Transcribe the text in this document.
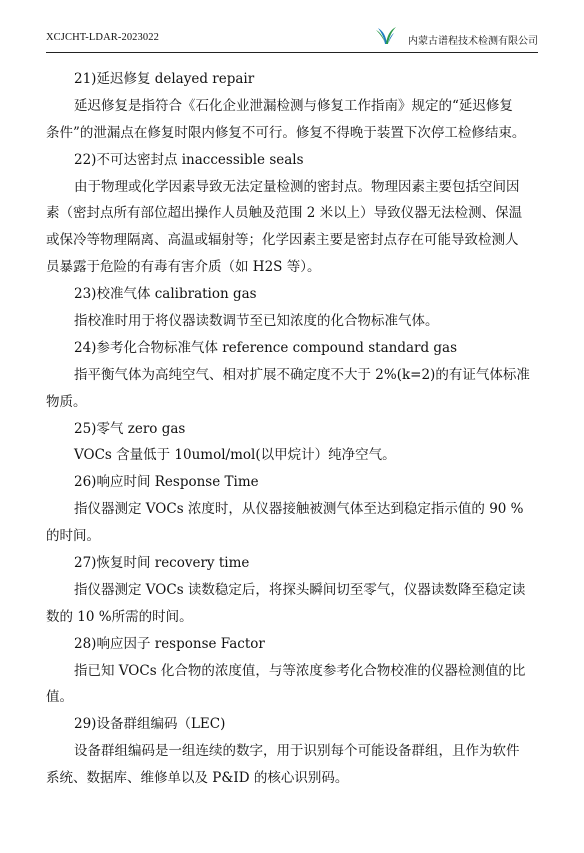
XCJCHT-LDAR-2023022	内蒙古谱程技术检测有限公司
21)延迟修复 delayed repair
延迟修复是指符合《石化企业泄漏检测与修复工作指南》规定的“延迟修复
条件”的泄漏点在修复时限内修复不可行。修复不得晚于装置下次停工检修结束。
22)不可达密封点 inaccessible seals
由于物理或化学因素导致无法定量检测的密封点。物理因素主要包括空间因
素（密封点所有部位超出操作人员触及范围 2 米以上）导致仪器无法检测、保温
或保冷等物理隔离、高温或辐射等；化学因素主要是密封点存在可能导致检测人
员暴露于危险的有毒有害介质（如 H2S 等）。
23)校准气体 calibration gas
指校准时用于将仪器读数调节至已知浓度的化合物标准气体。
24)参考化合物标准气体 reference compound standard gas
指平衡气体为高纯空气、相对扩展不确定度不大于 2%(k=2)的有证气体标准
物质。
25)零气 zero gas
VOCs 含量低于 10umol/mol(以甲烷计）纯净空气。
26)响应时间 Response Time
指仪器测定 VOCs 浓度时，从仪器接触被测气体至达到稳定指示值的 90 %
的时间。
27)恢复时间 recovery time
指仪器测定 VOCs 读数稳定后，将探头瞬间切至零气，仪器读数降至稳定读
数的 10 %所需的时间。
28)响应因子 response Factor
指已知 VOCs 化合物的浓度值，与等浓度参考化合物校准的仪器检测值的比
值。
29)设备群组编码（LEC)
设备群组编码是一组连续的数字，用于识别每个可能设备群组，且作为软件
系统、数据库、维修单以及 P&ID 的核心识别码。
